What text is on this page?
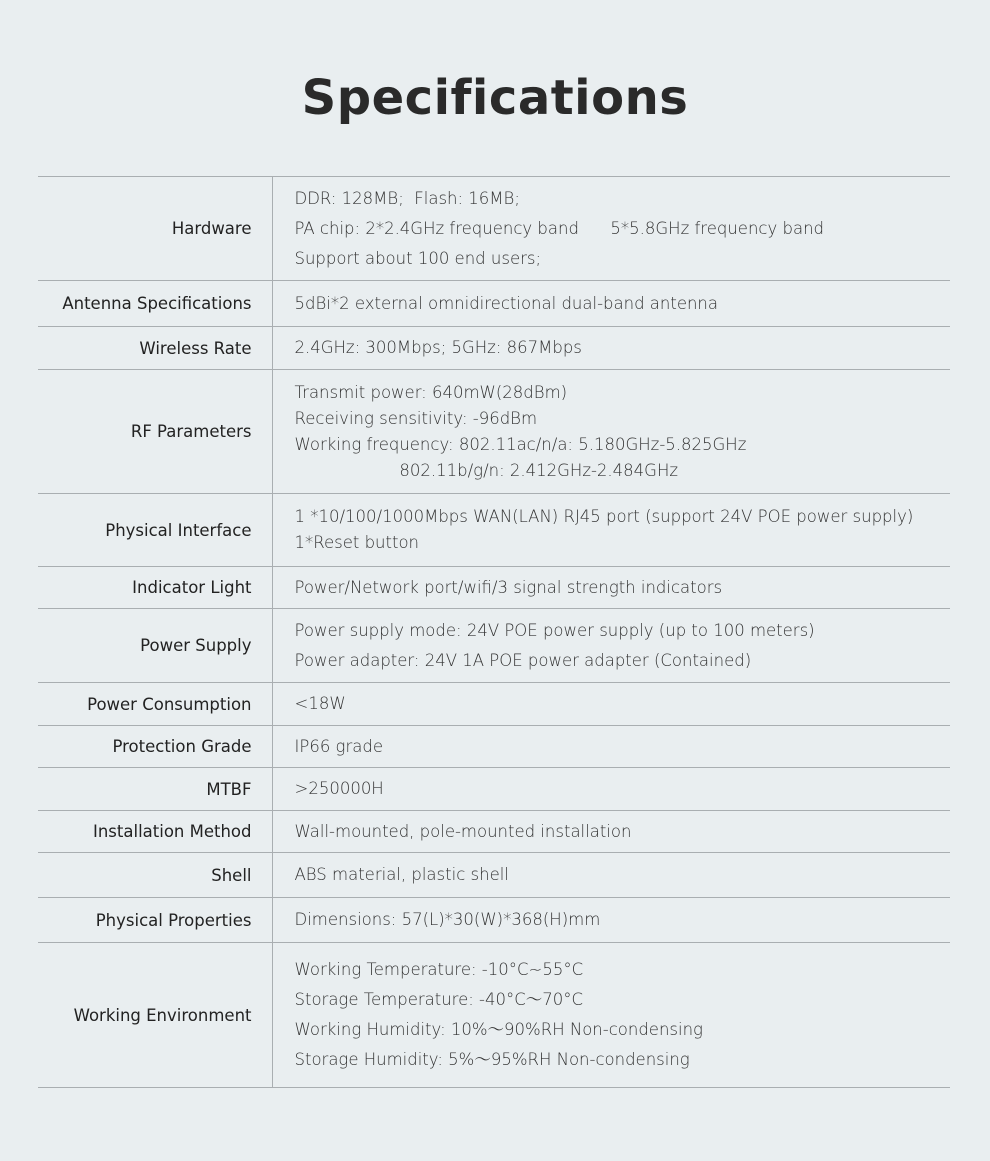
Specifications
Hardware	DDR: 128MB;  Flash: 16MB;
PA chip: 2*2.4GHz frequency band      5*5.8GHz frequency band
Support about 100 end users;

Antenna Specifications	5dBi*2 external omnidirectional dual-band antenna

Wireless Rate	2.4GHz: 300Mbps; 5GHz: 867Mbps

RF Parameters	Transmit power: 640mW(28dBm)
Receiving sensitivity: -96dBm
Working frequency: 802.11ac/n/a: 5.180GHz-5.825GHz
802.11b/g/n: 2.412GHz-2.484GHz

Physical Interface	1 *10/100/1000Mbps WAN(LAN) RJ45 port (support 24V POE power supply)
1*Reset button

Indicator Light	Power/Network port/wifi/3 signal strength indicators

Power Supply	Power supply mode: 24V POE power supply (up to 100 meters)
Power adapter: 24V 1A POE power adapter (Contained)

Power Consumption	<18W

Protection Grade	IP66 grade

MTBF	>250000H

Installation Method	Wall-mounted, pole-mounted installation

Shell	ABS material, plastic shell

Physical Properties	Dimensions: 57(L)*30(W)*368(H)mm

Working Environment	Working Temperature: -10°C~55°C
Storage Temperature: -40°C～70°C
Working Humidity: 10%～90%RH Non-condensing
Storage Humidity: 5%～95%RH Non-condensing
